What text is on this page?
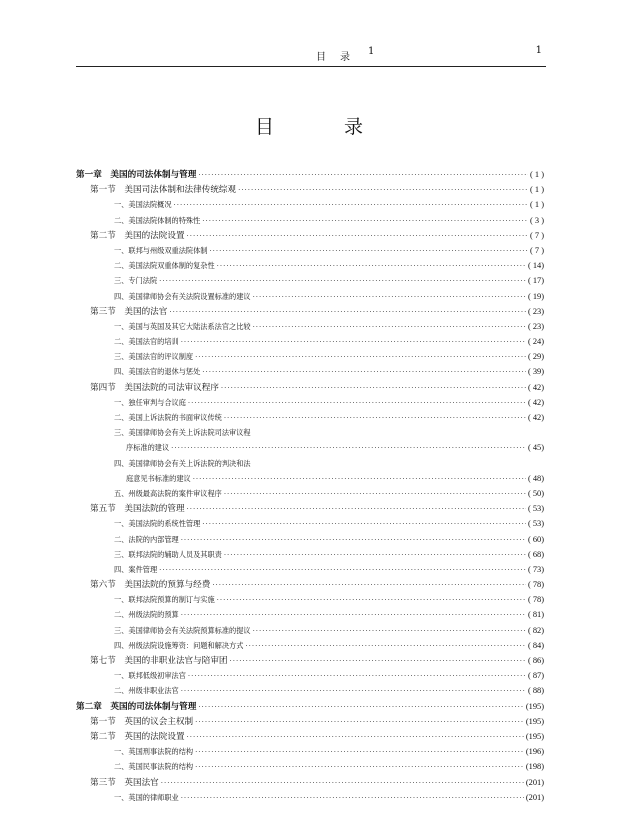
目录
1	1
目 录
第一章　美国的司法体制与管理 ·····	( 1 )
第一节　美国司法体制和法律传统综观 ·····	( 1 )
一、美国法院概况 ·····	( 1 )
二、美国法院体制的特殊性 ·····	( 3 )
第二节　美国的法院设置 ·····	( 7 )
一、联邦与州级双重法院体制 ·····	( 7 )
二、美国法院双重体制的复杂性 ·····	( 14)
三、专门法院 ·····	( 17)
四、美国律师协会有关法院设置标准的建议 ·····	( 19)
第三节　美国的法官 ·····	( 23)
一、美国与英国及其它大陆法系法官之比较 ·····	( 23)
二、美国法官的培训 ·····	( 24)
三、美国法官的评议制度 ·····	( 29)
四、美国法官的退休与惩处 ·····	( 39)
第四节　美国法院的司法审议程序 ·····	( 42)
一、独任审判与合议庭 ·····	( 42)
二、美国上诉法院的书面审议传统 ·····	( 42)
三、美国律师协会有关上诉法院司法审议程
序标准的建议 ·····	( 45)
四、美国律师协会有关上诉法院的判决和法
庭意见书标准的建议 ·····	( 48)
五、州级最高法院的案件审议程序 ·····	( 50)
第五节　美国法院的管理 ·····	( 53)
一、美国法院的系统性管理 ·····	( 53)
二、法院的内部管理 ·····	( 60)
三、联邦法院的辅助人员及其职责 ·····	( 68)
四、案件管理 ·····	( 73)
第六节　美国法院的预算与经费 ·····	( 78)
一、联邦法院预算的制订与实施 ·····	( 78)
二、州级法院的预算 ·····	( 81)
三、美国律师协会有关法院预算标准的提议 ·····	( 82)
四、州级法院设施筹资：问题和解决方式 ·····	( 84)
第七节　美国的非职业法官与陪审团 ·····	( 86)
一、联邦低级初审法官 ·····	( 87)
二、州级非职业法官 ·····	( 88)
第二章　英国的司法体制与管理 ·····	(195)
第一节　英国的议会主权制 ·····	(195)
第二节　英国的法院设置 ·····	(195)
一、英国刑事法院的结构 ·····	(196)
二、英国民事法院的结构 ·····	(198)
第三节　英国法官 ·····	(201)
一、英国的律师职业 ·····	(201)
